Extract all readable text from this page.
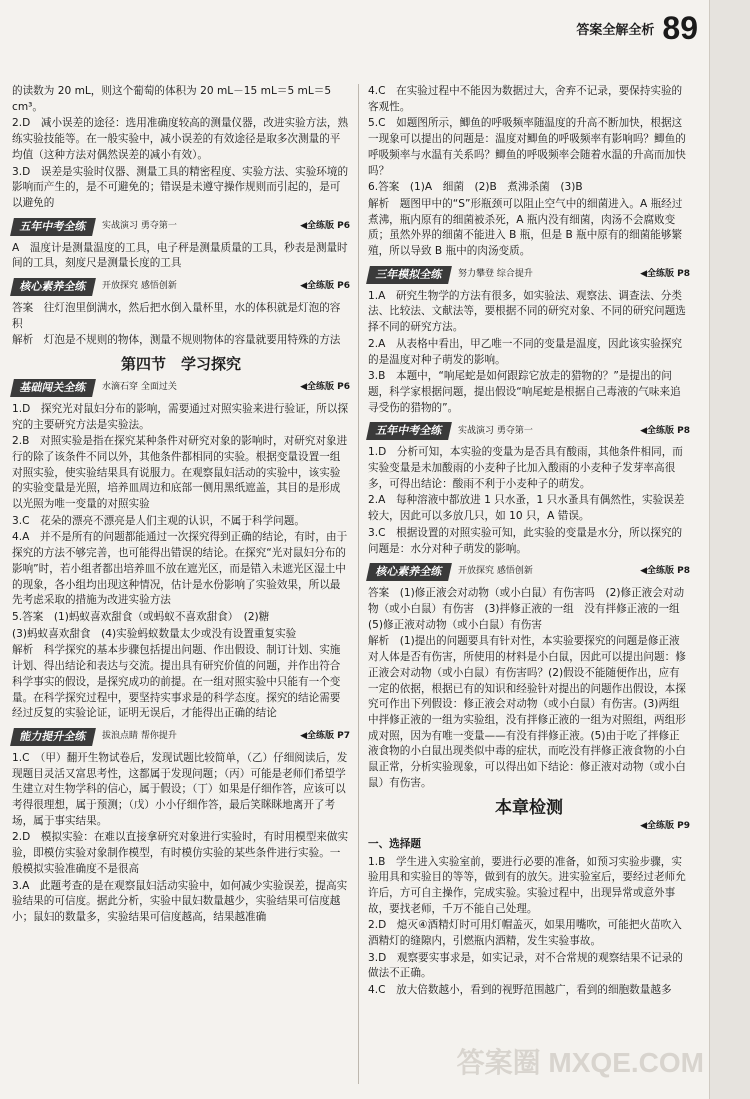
答案全解全析 89

的读数为 20 mL，则这个葡萄的体积为 20 mL－15 mL＝5 mL＝5 cm³。

2.D　减小误差的途径：选用准确度较高的测量仪器，改进实验方法，熟练实验技能等。在一般实验中，减小误差的有效途径是取多次测量的平均值（这种方法对偶然误差的减小有效）。

3.D　误差是实验时仪器、测量工具的精密程度、实验方法、实验环境的影响而产生的，是不可避免的；错误是未遵守操作规则而引起的，是可以避免的

五年中考全练	实战演习 勇夺第一	◀全练版 P6

A　温度计是测量温度的工具，电子秤是测量质量的工具，秒表是测量时间的工具，刻度尺是测量长度的工具

核心素养全练	开放探究 感悟创新	◀全练版 P6

答案　往灯泡里倒满水，然后把水倒入量杯里，水的体积就是灯泡的容积

解析　灯泡是不规则的物体，测量不规则物体的容量就要用特殊的方法

第四节　学习探究
基础闯关全练	水滴石穿 全面过关	◀全练版 P6

1.D　探究光对鼠妇分布的影响，需要通过对照实验来进行验证，所以探究的主要研究方法是实验法。

2.B　对照实验是指在探究某种条件对研究对象的影响时，对研究对象进行的除了该条件不同以外，其他条件都相同的实验。根据变量设置一组对照实验，使实验结果具有说服力。在观察鼠妇活动的实验中，该实验的实验变量是光照，培养皿周边和底部一侧用黑纸遮盖，其目的是形成以光照为唯一变量的对照实验

3.C　花朵的漂亮不漂亮是人们主观的认识，不属于科学问题。

4.A　并不是所有的问题都能通过一次探究得到正确的结论，有时，由于探究的方法不够完善，也可能得出错误的结论。在探究“光对鼠妇分布的影响”时，若小组者都出培养皿不放在遮光区，而是错入未遮光区湿土中的现象，各小组均出现这种情况，估计是水份影响了实验效果，所以最先考虑采取的措施为改进实验方法

5.答案　(1)蚂蚁喜欢甜食（或蚂蚁不喜欢甜食）　(2)糖

(3)蚂蚁喜欢甜食　(4)实验蚂蚁数量太少或没有设置重复实验

解析　科学探究的基本步骤包括提出问题、作出假设、制订计划、实施计划、得出结论和表达与交流。提出具有研究价值的问题，并作出符合科学事实的假设，是探究成功的前提。在一组对照实验中只能有一个变量。在科学探究过程中，要坚持实事求是的科学态度。探究的结论需要经过反复的实验论证，证明无误后，才能得出正确的结论

能力提升全练	拔浪点睛 帮你提升	◀全练版 P7

1.C　（甲）翻开生物试卷后，发现试题比较简单，（乙）仔细阅读后，发现题目灵活又富思考性，这都属于发现问题；（丙）可能是老师们希望学生建立对生物学科的信心，属于假设；（丁）如果是仔细作答，应该可以考得很理想，属于预测；（戊）小小仔细作答，最后笑眯眯地离开了考场，属于事实结果。

2.D　模拟实验：在难以直接拿研究对象进行实验时，有时用模型来做实验，即模仿实验对象制作模型，有时模仿实验的某些条件进行实验。一般模拟实验准确度不是很高

3.A　此题考查的是在观察鼠妇活动实验中，如何减少实验误差，提高实验结果的可信度。据此分析，实验中鼠妇数量越少，实验结果可信度越小；鼠妇的数量多，实验结果可信度越高，结果越准确

4.C　在实验过程中不能因为数据过大，舍弃不记录，要保持实验的客观性。

5.C　如题图所示，鲫鱼的呼吸频率随温度的升高不断加快，根据这一现象可以提出的问题是：温度对鲫鱼的呼吸频率有影响吗？鲫鱼的呼吸频率与水温有关系吗？鲫鱼的呼吸频率会随着水温的升高而加快吗？

6.答案　(1)A　细菌　(2)B　煮沸杀菌　(3)B

解析　题图甲中的“S”形瓶颈可以阻止空气中的细菌进入。A 瓶经过煮沸，瓶内原有的细菌被杀死，A 瓶内没有细菌，肉汤不会腐败变质；虽然外界的细菌不能进入 B 瓶，但是 B 瓶中原有的细菌能够繁殖，所以导致 B 瓶中的肉汤变质。

三年模拟全练	努力攀登 综合提升	◀全练版 P8

1.A　研究生物学的方法有很多，如实验法、观察法、调查法、分类法、比较法、文献法等，要根据不同的研究对象、不同的研究问题选择不同的研究方法。

2.A　从表格中看出，甲乙唯一不同的变量是温度，因此该实验探究的是温度对种子萌发的影响。

3.B　本题中，“响尾蛇是如何跟踪它放走的猎物的？”是提出的问题，科学家根据问题，提出假设“响尾蛇是根据自己毒液的气味来追寻受伤的猎物的”。

五年中考全练	实战演习 勇夺第一	◀全练版 P8

1.D　分析可知，本实验的变量为是否具有酸雨，其他条件相同，而实验变量是未加酸雨的小麦种子比加入酸雨的小麦种子发芽率高很多，可得出结论：酸雨不利于小麦种子的萌发。

2.A　每种溶液中都放进 1 只水蚤，1 只水蚤具有偶然性，实验误差较大，因此可以多放几只，如 10 只，A 错误。

3.C　根据设置的对照实验可知，此实验的变量是水分，所以探究的问题是：水分对种子萌发的影响。

核心素养全练	开放探究 感悟创新	◀全练版 P8

答案　(1)修正液会对动物（或小白鼠）有伤害吗　(2)修正液会对动物（或小白鼠）有伤害　(3)拌修正液的一组　没有拌修正液的一组　(5)修正液对动物（或小白鼠）有伤害

解析　(1)提出的问题要具有针对性，本实验要探究的问题是修正液对人体是否有伤害，所使用的材料是小白鼠，因此可以提出问题：修正液会对动物（或小白鼠）有伤害吗？(2)假设不能随便作出，应有一定的依据，根据已有的知识和经验针对提出的问题作出假设，本探究可作出下列假设：修正液会对动物（或小白鼠）有伤害。(3)两组中拌修正液的一组为实验组，没有拌修正液的一组为对照组，两组形成对照，因为有唯一变量——有没有拌修正液。(5)由于吃了拌修正液食物的小白鼠出现类似中毒的症状，而吃没有拌修正液食物的小白鼠正常，分析实验现象，可以得出如下结论：修正液对动物（或小白鼠）有伤害。

本章检测
◀全练版 P9
一、选择题

1.B　学生进入实验室前，要进行必要的准备，如预习实验步骤，实验用具和实验目的等等，做到有的放矢。进实验室后，要经过老师允许后，方可自主操作，完成实验。实验过程中，出现异常或意外事故，要找老师，千万不能自己处理。

2.D　熄灭④酒精灯时可用灯帽盖灭，如果用嘴吹，可能把火苗吹入酒精灯的缝隙内，引燃瓶内酒精，发生实验事故。

3.D　观察要实事求是，如实记录，对不合常规的观察结果不记录的做法不正确。

4.C　放大倍数越小，看到的视野范围越广，看到的细胞数量越多

答案圈 MXQE.COM
